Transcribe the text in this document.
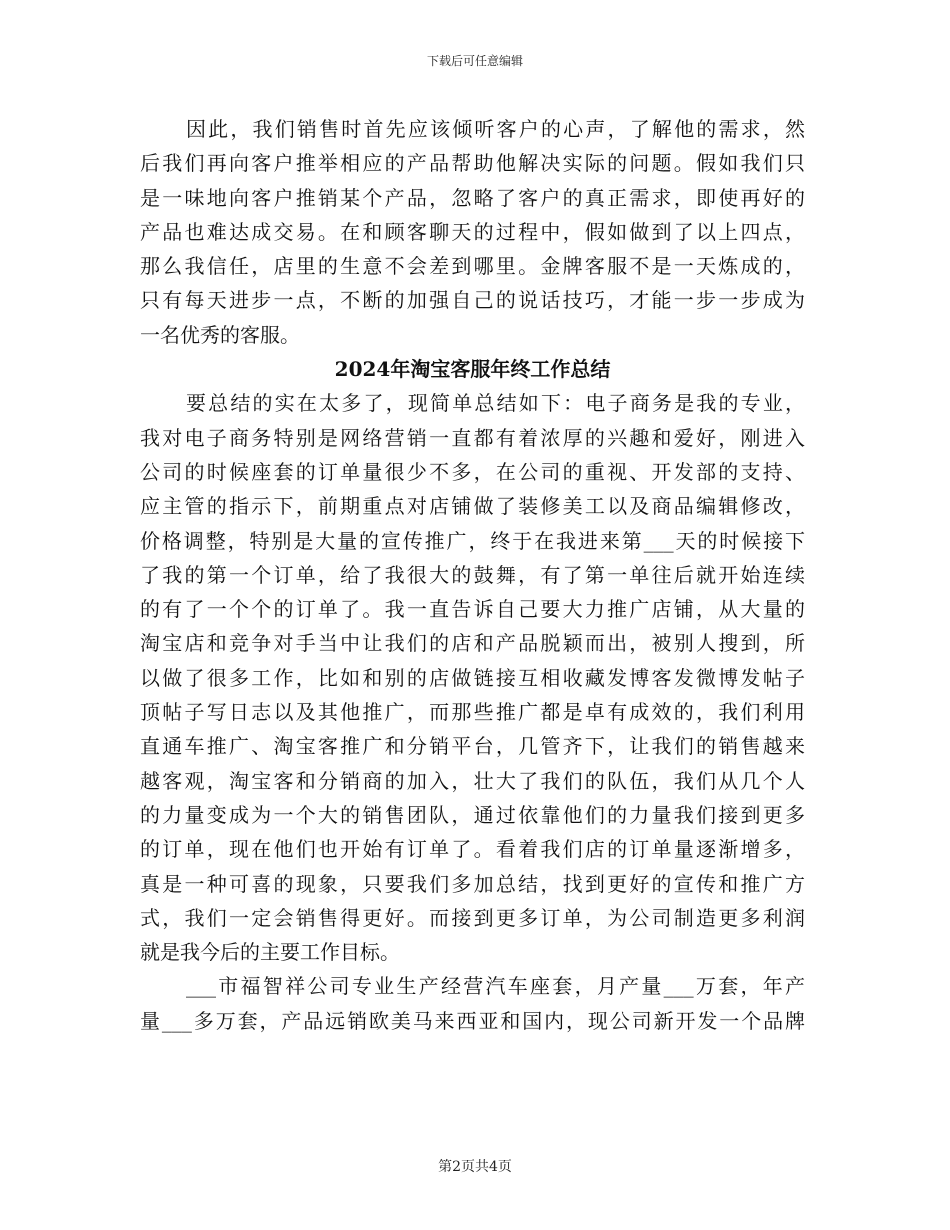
下载后可任意编辑
因此，我们销售时首先应该倾听客户的心声，了解他的需求，然
后我们再向客户推举相应的产品帮助他解决实际的问题。假如我们只
是一味地向客户推销某个产品，忽略了客户的真正需求，即使再好的
产品也难达成交易。在和顾客聊天的过程中，假如做到了以上四点，
那么我信任，店里的生意不会差到哪里。金牌客服不是一天炼成的，
只有每天进步一点，不断的加强自己的说话技巧，才能一步一步成为
一名优秀的客服。
2024年淘宝客服年终工作总结
要总结的实在太多了，现简单总结如下：电子商务是我的专业，
我对电子商务特别是网络营销一直都有着浓厚的兴趣和爱好，刚进入
公司的时候座套的订单量很少不多，在公司的重视、开发部的支持、
应主管的指示下，前期重点对店铺做了装修美工以及商品编辑修改，
价格调整，特别是大量的宣传推广，终于在我进来第___天的时候接下
了我的第一个订单，给了我很大的鼓舞，有了第一单往后就开始连续
的有了一个个的订单了。我一直告诉自己要大力推广店铺，从大量的
淘宝店和竞争对手当中让我们的店和产品脱颖而出，被别人搜到，所
以做了很多工作，比如和别的店做链接互相收藏发博客发微博发帖子
顶帖子写日志以及其他推广，而那些推广都是卓有成效的，我们利用
直通车推广、淘宝客推广和分销平台，几管齐下，让我们的销售越来
越客观，淘宝客和分销商的加入，壮大了我们的队伍，我们从几个人
的力量变成为一个大的销售团队，通过依靠他们的力量我们接到更多
的订单，现在他们也开始有订单了。看着我们店的订单量逐渐增多，
真是一种可喜的现象，只要我们多加总结，找到更好的宣传和推广方
式，我们一定会销售得更好。而接到更多订单，为公司制造更多利润
就是我今后的主要工作目标。
___市福智祥公司专业生产经营汽车座套，月产量___万套，年产
量___多万套，产品远销欧美马来西亚和国内，现公司新开发一个品牌
第2页共4页
